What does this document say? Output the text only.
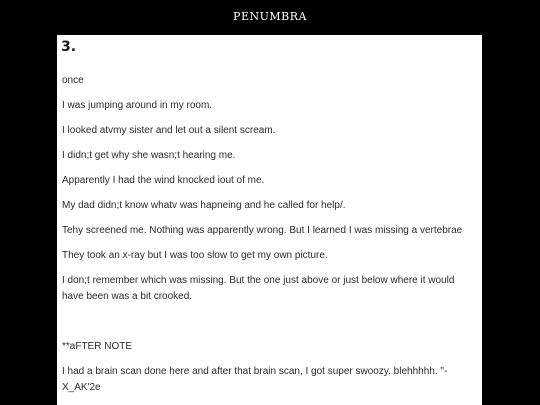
PENUMBRA
3.

once

I was jumping around in my room.

I looked atvmy sister and let out a silent scream.

I didn;t get why she wasn;t hearing me.

Apparently I had the wind knocked iout of me.

My dad didn;t know whatv was hapneing and he called for help/.

Tehy screened me. Nothing was apparently wrong. But I learned I was missing a vertebrae

They took an x-ray but I was too slow to get my own picture.

I don;t remember which was missing. But the one just above or just below where it would have been was a bit crooked.

**aFTER NOTE

I had a brain scan done here and after that brain scan, I got super swoozy. blehhhhh. "-X_AK'2e
